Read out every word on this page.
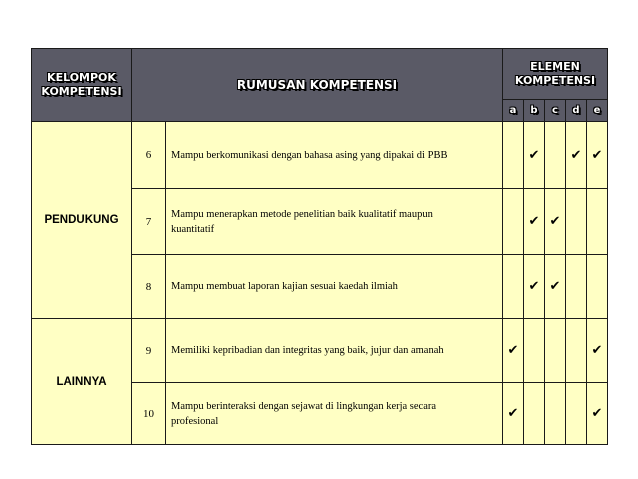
KELOMPOK KOMPETENSI	RUMUSAN KOMPETENSI		ELEMEN KOMPETENSI				
			a	b	c	d	e
PENDUKUNG	6	Mampu berkomunikasi dengan bahasa asing yang dipakai di PBB		✔		✔	✔
	7	Mampu menerapkan metode penelitian baik kualitatif maupun kuantitatif		✔	✔		
	8	Mampu membuat laporan kajian sesuai kaedah ilmiah		✔	✔		
LAINNYA	9	Memiliki kepribadian dan integritas yang baik, jujur dan amanah	✔				✔
	10	Mampu berinteraksi dengan sejawat di lingkungan kerja secara profesional	✔				✔
